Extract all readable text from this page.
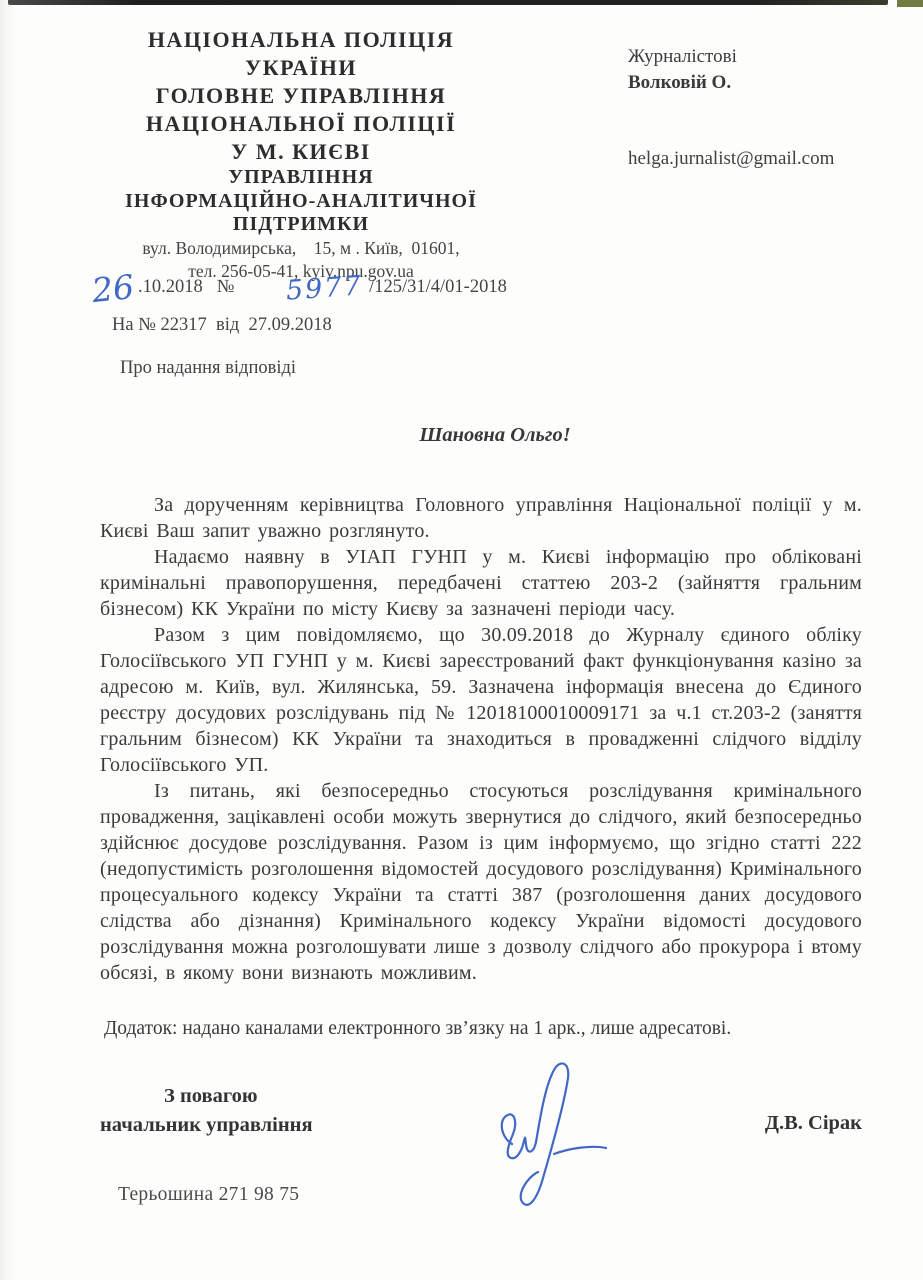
НАЦІОНАЛЬНА ПОЛІЦІЯ
УКРАЇНИ
ГОЛОВНЕ УПРАВЛІННЯ
НАЦІОНАЛЬНОЇ ПОЛІЦІЇ
У М. КИЄВІ
УПРАВЛІННЯ
ІНФОРМАЦІЙНО-АНАЛІТИЧНОЇ
ПІДТРИМКИ
вул. Володимирська,    15, м . Київ,  01601,
тел. 256-05-41, kyiv.npu.gov.ua
26 .10.2018 № 5977 /125/31/4/01-2018
На № 22317  від  27.09.2018
Журналістові
Волковій О.
helga.jurnalist@gmail.com
Про надання відповіді
Шановна Ольго!

За дорученням керівництва Головного управління Національної поліції у м. Києві Ваш запит уважно розглянуто.

Надаємо наявну в УІАП ГУНП у м. Києві інформацію про обліковані кримінальні правопорушення, передбачені статтею 203-2 (зайняття гральним бізнесом) КК України по місту Києву за зазначені періоди часу.

Разом з цим повідомляємо, що 30.09.2018 до Журналу єдиного обліку Голосіївського УП ГУНП у м. Києві зареєстрований факт функціонування казіно за адресою м. Київ, вул. Жилянська, 59. Зазначена інформація внесена до Єдиного реєстру досудових розслідувань під № 12018100010009171 за ч.1 ст.203-2 (заняття гральним бізнесом) КК України та знаходиться в провадженні слідчого відділу Голосіївського УП.

Із питань, які безпосередньо стосуються розслідування кримінального провадження, зацікавлені особи можуть звернутися до слідчого, який безпосередньо здійснює досудове розслідування. Разом із цим інформуємо, що згідно статті 222 (недопустимість розголошення відомостей досудового розслідування) Кримінального процесуального кодексу України та статті 387 (розголошення даних досудового слідства або дізнання) Кримінального кодексу України відомості досудового розслідування можна розголошувати лише з дозволу слідчого або прокурора і втому обсязі, в якому вони визнають можливим.

Додаток: надано каналами електронного зв’язку на 1 арк., лише адресатові.
З повагою
начальник управління	Д.В. Сірак
Терьошина 271 98 75
